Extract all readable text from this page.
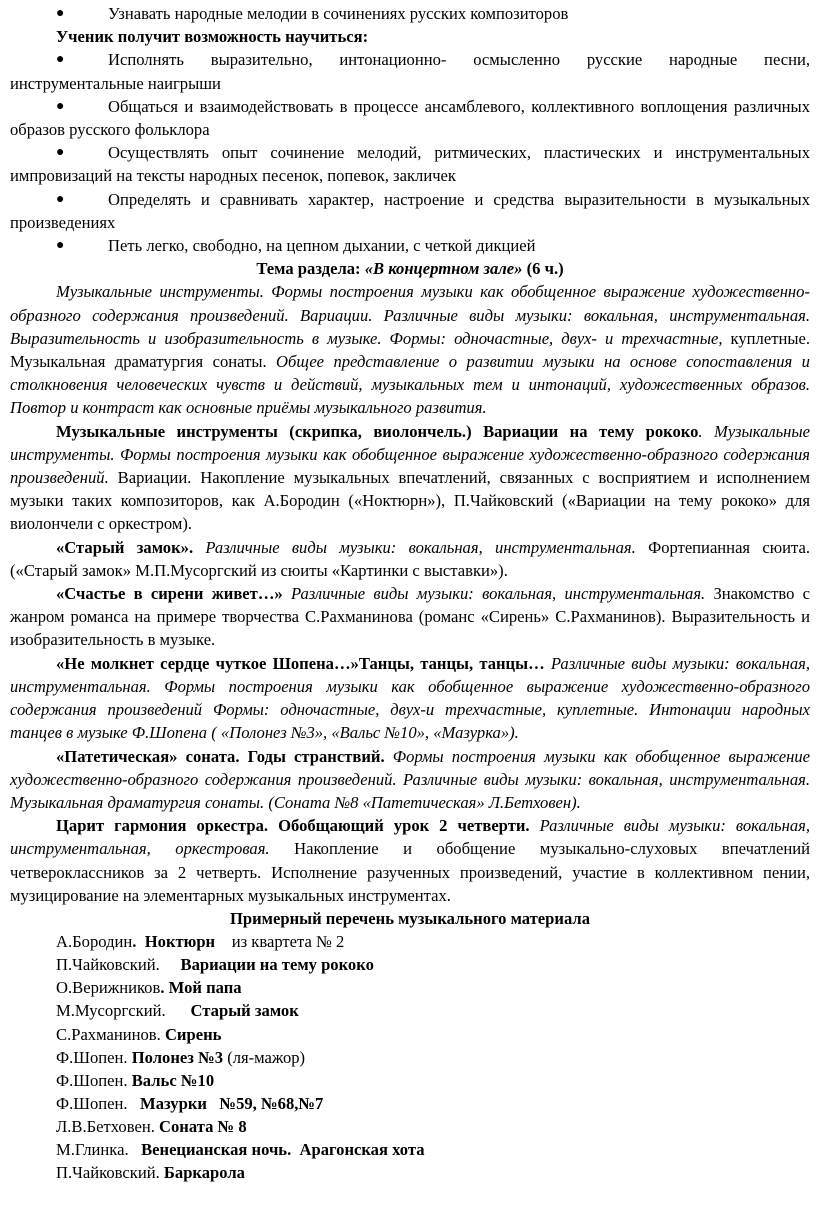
●	Узнавать народные мелодии в сочинениях русских композиторов

Ученик получит возможность научиться:

●	Исполнять выразительно, интонационно- осмысленно русские народные песни, инструментальные наигрыши

●	Общаться и взаимодействовать в процессе ансамблевого, коллективного воплощения различных образов русского фольклора

●	Осуществлять опыт сочинение мелодий, ритмических, пластических и инструментальных импровизаций на тексты народных песенок, попевок, закличек

●	Определять и сравнивать характер, настроение и средства выразительности в музыкальных произведениях

●	Петь легко, свободно, на цепном дыхании, с четкой дикцией

Тема раздела: «В концертном зале» (6 ч.)

Музыкальные инструменты. Формы построения музыки как обобщенное выражение художественно-образного содержания произведений. Вариации. Различные виды музыки: вокальная, инструментальная. Выразительность и изобразительность в музыке. Формы: одночастные, двух- и трехчастные, куплетные. Музыкальная драматургия сонаты. Общее представление о развитии музыки на основе сопоставления и столкновения человеческих чувств и действий, музыкальных тем и интонаций, художественных образов. Повтор и контраст как основные приёмы музыкального развития.

Музыкальные инструменты (скрипка, виолончель.) Вариации на тему рококо. Музыкальные инструменты. Формы построения музыки как обобщенное выражение художественно-образного содержания произведений. Вариации. Накопление музыкальных впечатлений, связанных с восприятием и исполнением музыки таких композиторов, как А.Бородин («Ноктюрн»), П.Чайковский («Вариации на тему рококо» для виолончели с оркестром).

«Старый замок». Различные виды музыки: вокальная, инструментальная. Фортепианная сюита. («Старый замок» М.П.Мусоргский из сюиты «Картинки с выставки»).

«Счастье в сирени живет…» Различные виды музыки: вокальная, инструментальная. Знакомство с жанром романса на примере творчества С.Рахманинова (романс «Сирень» С.Рахманинов). Выразительность и изобразительность в музыке.

«Не молкнет сердце чуткое Шопена…»Танцы, танцы, танцы… Различные виды музыки: вокальная, инструментальная. Формы построения музыки как обобщенное выражение художественно-образного содержания произведений Формы: одночастные, двух-и трехчастные, куплетные. Интонации народных танцев в музыке Ф.Шопена ( «Полонез №3», «Вальс №10», «Мазурка»).

«Патетическая» соната. Годы странствий. Формы построения музыки как обобщенное выражение художественно-образного содержания произведений. Различные виды музыки: вокальная, инструментальная. Музыкальная драматургия сонаты. (Соната №8 «Патетическая» Л.Бетховен).

Царит гармония оркестра. Обобщающий урок 2 четверти. Различные виды музыки: вокальная, инструментальная, оркестровая. Накопление и обобщение музыкально-слуховых впечатлений четвероклассников за 2 четверть. Исполнение разученных произведений, участие в коллективном пении, музицирование на элементарных музыкальных инструментах.

Примерный перечень музыкального материала

А.Бородин.  Ноктюрн    из квартета № 2

П.Чайковский. Вариации на тему рококо

О.Верижников. Мой папа

М.Мусоргский. Старый замок

С.Рахманинов. Сирень

Ф.Шопен. Полонез №3 (ля-мажор)

Ф.Шопен. Вальс №10

Ф.Шопен. Мазурки   №59, №68,№7

Л.В.Бетховен. Соната № 8

М.Глинка. Венецианская ночь.  Арагонская хота

П.Чайковский. Баркарола
